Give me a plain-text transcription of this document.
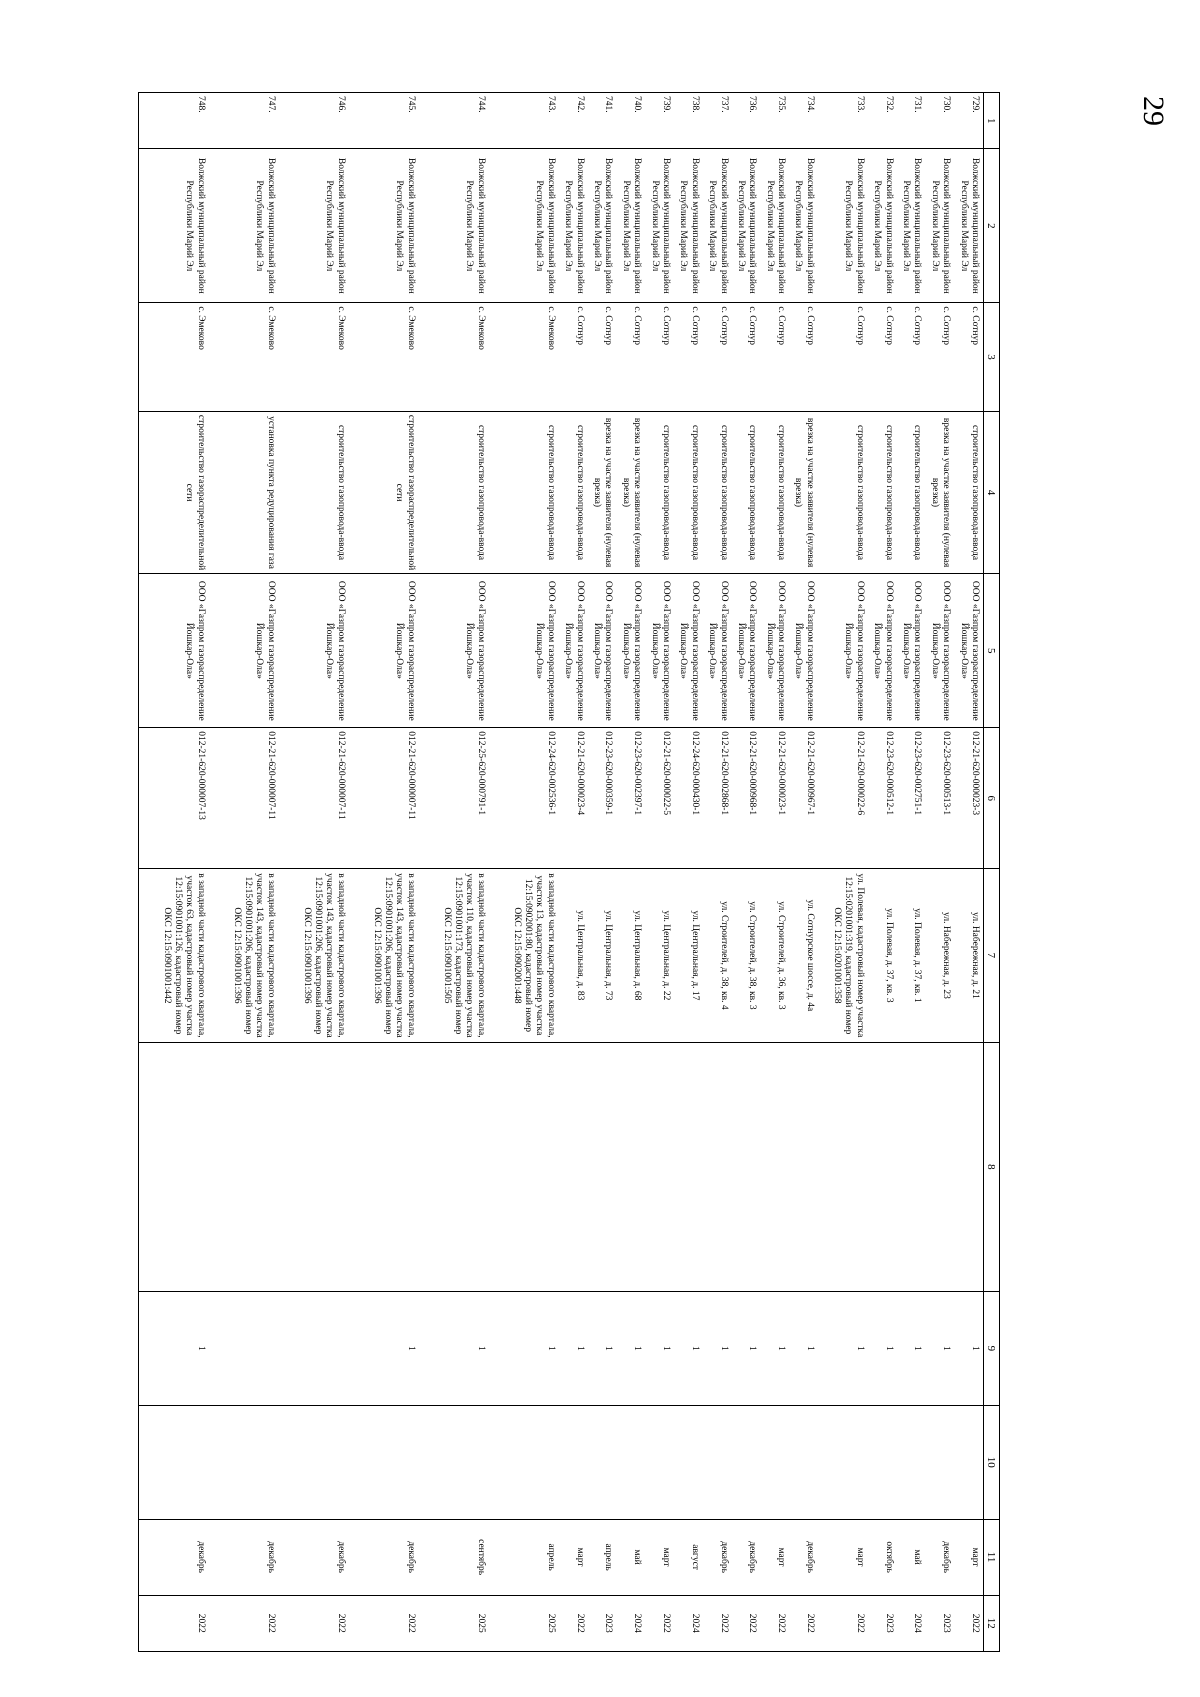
29
1	2	3	4	5	6	7	8	9	10	11	12
729.	Волжский муниципальный район Республики Марий Эл	с. Сотнур	строительство газопровода-ввода	ООО «Газпром газораспределение Йошкар-Ола»	012-21-620-000023-3	ул. Набережная, д. 21		1		март	2022
730.	Волжский муниципальный район Республики Марий Эл	с. Сотнур	врезка на участке заявителя (нулевая врезка)	ООО «Газпром газораспределение Йошкар-Ола»	012-23-620-000513-1	ул. Набережная, д. 23		1		декабрь	2023
731.	Волжский муниципальный район Республики Марий Эл	с. Сотнур	строительство газопровода-ввода	ООО «Газпром газораспределение Йошкар-Ола»	012-23-620-002751-1	ул. Полевая, д. 37, кв. 1		1		май	2024
732.	Волжский муниципальный район Республики Марий Эл	с. Сотнур	строительство газопровода-ввода	ООО «Газпром газораспределение Йошкар-Ола»	012-23-620-000512-1	ул. Полевая, д. 37, кв. 3		1		октябрь	2023
733.	Волжский муниципальный район Республики Марий Эл	с. Сотнур	строительство газопровода-ввода	ООО «Газпром газораспределение Йошкар-Ола»	012-21-620-000022-6	ул. Полевая, кадастровый номер участка 12:15:0201001:319, кадастровый номер ОКС 12:15:0201001:358		1		март	2022
734.	Волжский муниципальный район Республики Марий Эл	с. Сотнур	врезка на участке заявителя (нулевая врезка)	ООО «Газпром газораспределение Йошкар-Ола»	012-21-620-000967-1	ул. Сотнурское шоссе, д. 4а		1		декабрь	2022
735.	Волжский муниципальный район Республики Марий Эл	с. Сотнур	строительство газопровода-ввода	ООО «Газпром газораспределение Йошкар-Ола»	012-21-620-000023-1	ул. Строителей, д. 36, кв. 3		1		март	2022
736.	Волжский муниципальный район Республики Марий Эл	с. Сотнур	строительство газопровода-ввода	ООО «Газпром газораспределение Йошкар-Ола»	012-21-620-000968-1	ул. Строителей, д. 38, кв. 3		1		декабрь	2022
737.	Волжский муниципальный район Республики Марий Эл	с. Сотнур	строительство газопровода-ввода	ООО «Газпром газораспределение Йошкар-Ола»	012-21-620-002868-1	ул. Строителей, д. 38, кв. 4		1		декабрь	2022
738.	Волжский муниципальный район Республики Марий Эл	с. Сотнур	строительство газопровода-ввода	ООО «Газпром газораспределение Йошкар-Ола»	012-24-620-000430-1	ул. Центральная, д. 17		1		август	2024
739.	Волжский муниципальный район Республики Марий Эл	с. Сотнур	строительство газопровода-ввода	ООО «Газпром газораспределение Йошкар-Ола»	012-21-620-000022-5	ул. Центральная, д. 22		1		март	2022
740.	Волжский муниципальный район Республики Марий Эл	с. Сотнур	врезка на участке заявителя (нулевая врезка)	ООО «Газпром газораспределение Йошкар-Ола»	012-23-620-002397-1	ул. Центральная, д. 68		1		май	2024
741.	Волжский муниципальный район Республики Марий Эл	с. Сотнур	врезка на участке заявителя (нулевая врезка)	ООО «Газпром газораспределение Йошкар-Ола»	012-23-620-000359-1	ул. Центральная, д. 73		1		апрель	2023
742.	Волжский муниципальный район Республики Марий Эл	с. Сотнур	строительство газопровода-ввода	ООО «Газпром газораспределение Йошкар-Ола»	012-21-620-000023-4	ул. Центральная, д. 83		1		март	2022
743.	Волжский муниципальный район Республики Марий Эл	с. Эмеково	строительство газопровода-ввода	ООО «Газпром газораспределение Йошкар-Ола»	012-24-620-002536-1	в западной части кадастрового квартала, участок 13, кадастровый номер участка 12:15:0902001:80, кадастровый номер ОКС 12:15:0902001:448		1		апрель	2025
744.	Волжский муниципальный район Республики Марий Эл	с. Эмеково	строительство газопровода-ввода	ООО «Газпром газораспределение Йошкар-Ола»	012-25-620-000791-1	в западной части кадастрового квартала, участок 110, кадастровый номер участка 12:15:0901001:173, кадастровый номер ОКС 12:15:0901001:505		1		сентябрь	2025
745.	Волжский муниципальный район Республики Марий Эл	с. Эмеково	строительство газораспределительной сети	ООО «Газпром газораспределение Йошкар-Ола»	012-21-620-000007-11	в западной части кадастрового квартала, участок 143, кадастровый номер участка 12:15:0901001:206, кадастровый номер ОКС 12:15:0901001:396		1		декабрь	2022
746.	Волжский муниципальный район Республики Марий Эл	с. Эмеково	строительство газопровода-ввода	ООО «Газпром газораспределение Йошкар-Ола»	012-21-620-000007-11	в западной части кадастрового квартала, участок 143, кадастровый номер участка 12:15:0901001:206, кадастровый номер ОКС 12:15:0901001:396				декабрь	2022
747.	Волжский муниципальный район Республики Марий Эл	с. Эмеково	установка пункта редуцирования газа	ООО «Газпром газораспределение Йошкар-Ола»	012-21-620-000007-11	в западной части кадастрового квартала, участок 143, кадастровый номер участка 12:15:0901001:206, кадастровый номер ОКС 12:15:0901001:396				декабрь	2022
748.	Волжский муниципальный район Республики Марий Эл	с. Эмеково	строительство газораспределительной сети	ООО «Газпром газораспределение Йошкар-Ола»	012-21-620-000007-13	в западной части кадастрового квартала, участок 63, кадастровый номер участка 12:15:0901001:126, кадастровый номер ОКС 12:15:0901001:442		1		декабрь	2022
